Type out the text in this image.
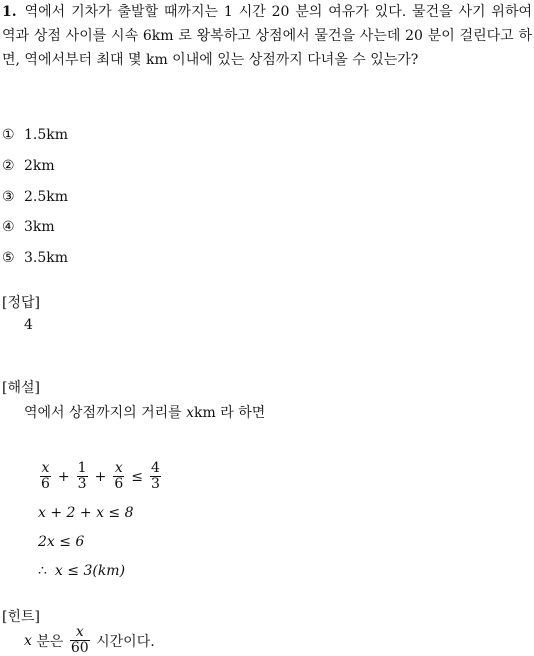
1. 역에서 기차가 출발할 때까지는 1 시간 20 분의 여유가 있다. 물건을 사기 위하여 역과 상점 사이를 시속 6km 로 왕복하고 상점에서 물건을 사는데 20 분이 걸린다고 하면, 역에서부터 최대 몇 km 이내에 있는 상점까지 다녀올 수 있는가?
① 1.5km
② 2km
③ 2.5km
④ 3km
⑤ 3.5km
[정답]
4
[해설]
역에서 상점까지의 거리를 xkm 라 하면
$\frac{x}{6} + \frac{1}{3} + \frac{x}{6} \le \frac{4}{3}$
x + 2 + x ≤ 8
2x ≤ 6
∴ x ≤ 3(km)
[힌트]
x 분은 $\frac{x}{60}$ 시간이다.
